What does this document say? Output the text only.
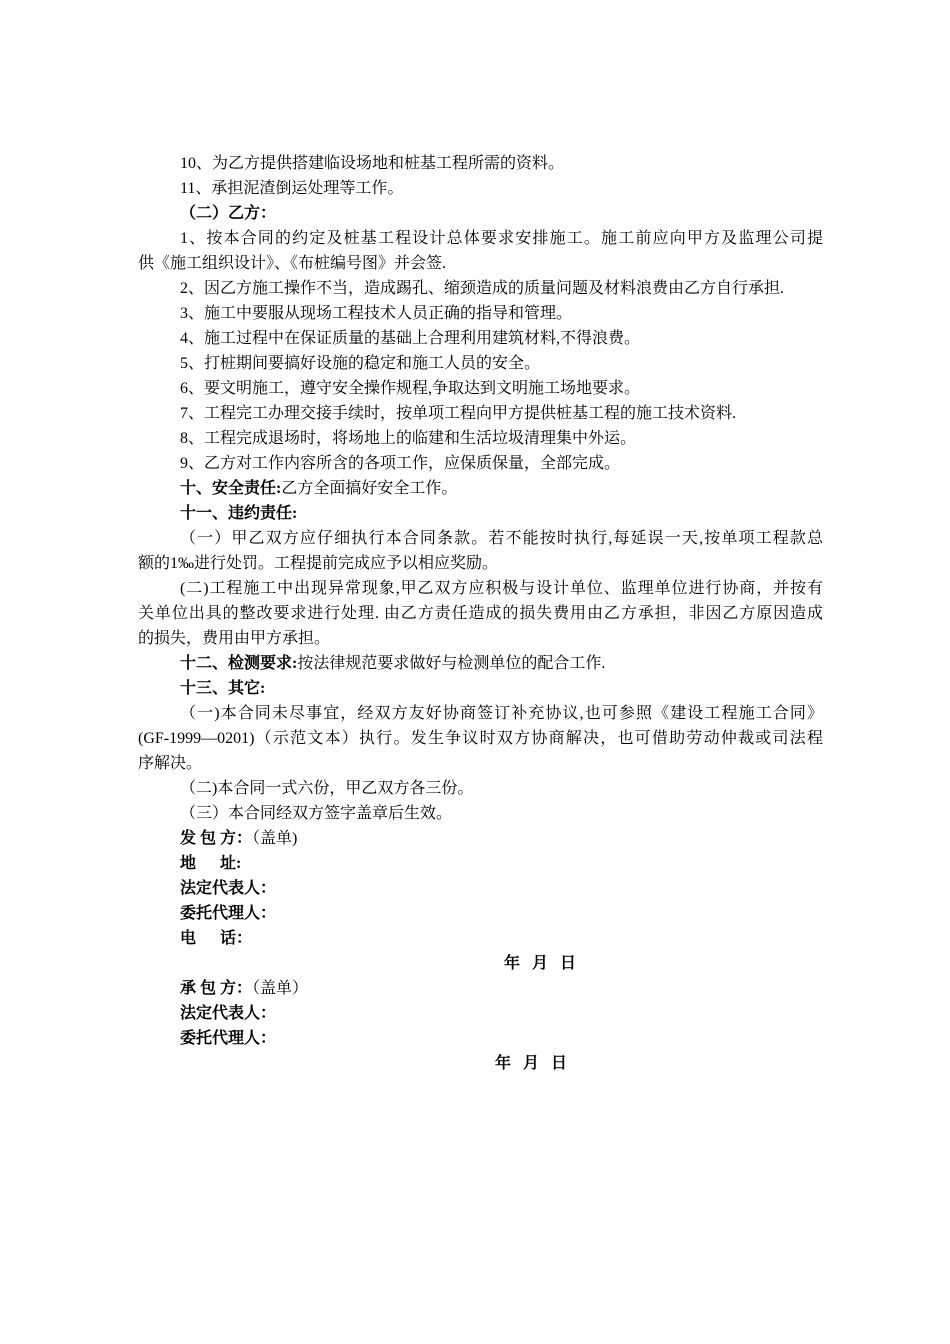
10、为乙方提供搭建临设场地和桩基工程所需的资料。
11、承担泥渣倒运处理等工作。
（二）乙方：
1、按本合同的约定及桩基工程设计总体要求安排施工。施工前应向甲方及监理公司提
供《施工组织设计》、《布桩编号图》并会签.
2、因乙方施工操作不当，造成踢孔、缩颈造成的质量问题及材料浪费由乙方自行承担.
3、施工中要服从现场工程技术人员正确的指导和管理。
4、施工过程中在保证质量的基础上合理利用建筑材料,不得浪费。
5、打桩期间要搞好设施的稳定和施工人员的安全。
6、要文明施工，遵守安全操作规程,争取达到文明施工场地要求。
7、工程完工办理交接手续时，按单项工程向甲方提供桩基工程的施工技术资料.
8、工程完成退场时，将场地上的临建和生活垃圾清理集中外运。
9、乙方对工作内容所含的各项工作，应保质保量，全部完成。
十、安全责任:乙方全面搞好安全工作。
十一、违约责任:
（一）甲乙双方应仔细执行本合同条款。若不能按时执行,每延误一天,按单项工程款总
额的1‰进行处罚。工程提前完成应予以相应奖励。
(二)工程施工中出现异常现象,甲乙双方应积极与设计单位、监理单位进行协商，并按有
关单位出具的整改要求进行处理. 由乙方责任造成的损失费用由乙方承担，非因乙方原因造成
的损失，费用由甲方承担。
十二、检测要求:按法律规范要求做好与检测单位的配合工作.
十三、其它:
（一)本合同未尽事宜，经双方友好协商签订补充协议,也可参照《建设工程施工合同》
(GF-1999—0201)（示范文本）执行。发生争议时双方协商解决，也可借助劳动仲裁或司法程
序解决。
（二)本合同一式六份，甲乙双方各三份。
（三）本合同经双方签字盖章后生效。
发 包 方：（盖单)
地      址:
法定代表人：
委托代理人：
电      话：
年   月   日
承 包 方：（盖单）
法定代表人：
委托代理人：
年   月   日
